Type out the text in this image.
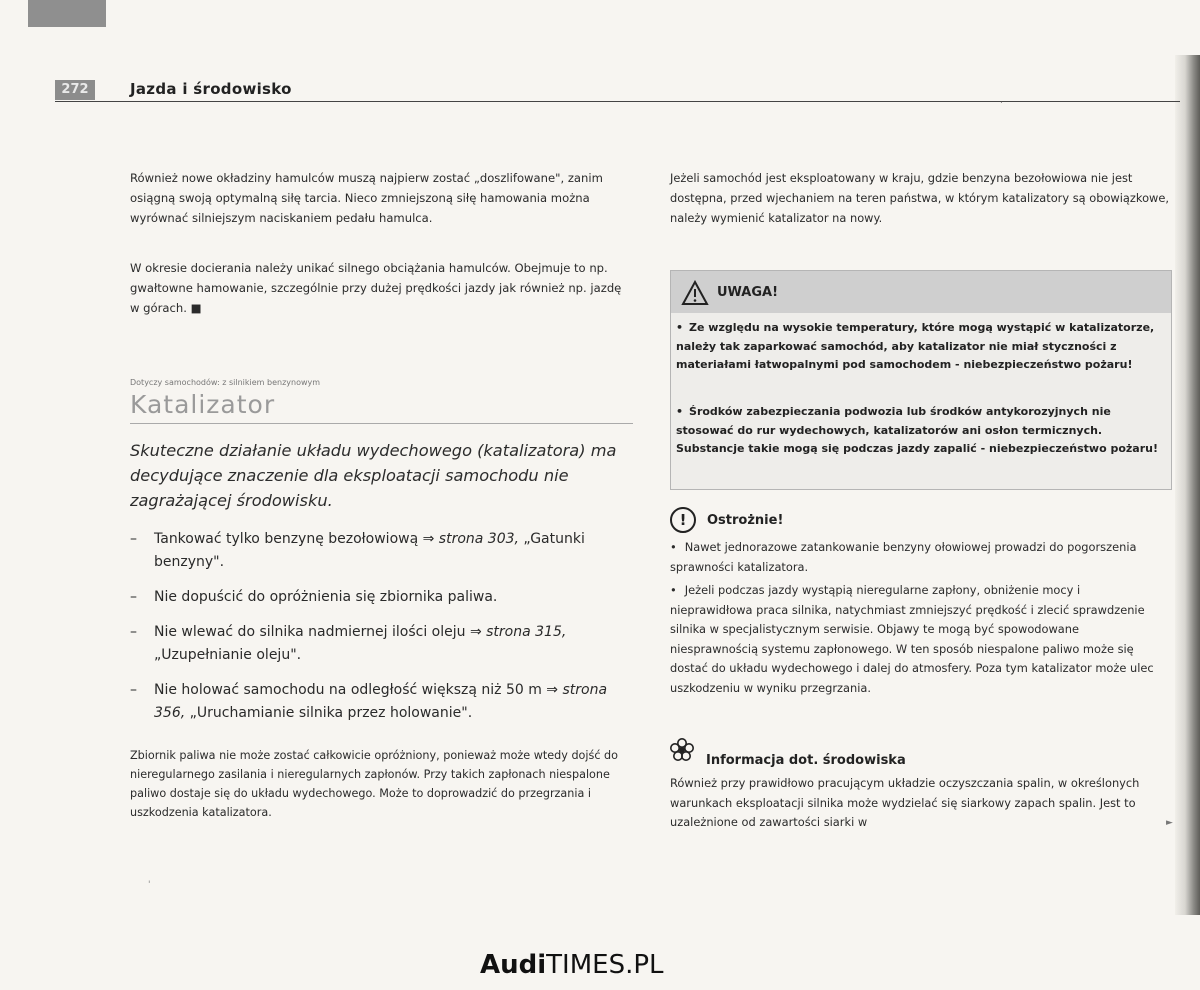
272	Jazda i środowisko
.
Również nowe okładziny hamulców muszą najpierw zostać „doszlifowane", zanim osiągną swoją optymalną siłę tarcia. Nieco zmniejszoną siłę hamowania można wyrównać silniejszym naciskaniem pedału hamulca.
W okresie docierania należy unikać silnego obciążania hamulców. Obejmuje to np. gwałtowne hamowanie, szczególnie przy dużej prędkości jazdy jak również np. jazdę w górach. ■
Dotyczy samochodów: z silnikiem benzynowym
Katalizator
Skuteczne działanie układu wydechowego (katalizatora) ma decydujące znaczenie dla eksploatacji samochodu nie zagrażającej środowisku.
– Tankować tylko benzynę bezołowiową ⇒ strona 303, „Gatunki benzyny".
– Nie dopuścić do opróżnienia się zbiornika paliwa.
– Nie wlewać do silnika nadmiernej ilości oleju ⇒ strona 315, „Uzupełnianie oleju".
– Nie holować samochodu na odległość większą niż 50 m ⇒ strona 356, „Uruchamianie silnika przez holowanie".
Zbiornik paliwa nie może zostać całkowicie opróżniony, ponieważ może wtedy dojść do nieregularnego zasilania i nieregularnych zapłonów. Przy takich zapłonach niespalone paliwo dostaje się do układu wydechowego. Może to doprowadzić do przegrzania i uszkodzenia katalizatora.
'
Jeżeli samochód jest eksploatowany w kraju, gdzie benzyna bezołowiowa nie jest dostępna, przed wjechaniem na teren państwa, w którym katalizatory są obowiązkowe, należy wymienić katalizator na nowy.
UWAGA!
• Ze względu na wysokie temperatury, które mogą wystąpić w katalizatorze, należy tak zaparkować samochód, aby katalizator nie miał styczności z materiałami łatwopalnymi pod samochodem - niebezpieczeństwo pożaru!
• Środków zabezpieczania podwozia lub środków antykorozyjnych nie stosować do rur wydechowych, katalizatorów ani osłon termicznych. Substancje takie mogą się podczas jazdy zapalić - niebezpieczeństwo pożaru!
!	Ostrożnie!
• Nawet jednorazowe zatankowanie benzyny ołowiowej prowadzi do pogorszenia sprawności katalizatora.
• Jeżeli podczas jazdy wystąpią nieregularne zapłony, obniżenie mocy i nieprawidłowa praca silnika, natychmiast zmniejszyć prędkość i zlecić sprawdzenie silnika w specjalistycznym serwisie. Objawy te mogą być spowodowane niesprawnością systemu zapłonowego. W ten sposób niespalone paliwo może się dostać do układu wydechowego i dalej do atmosfery. Poza tym katalizator może ulec uszkodzeniu w wyniku przegrzania.
Informacja dot. środowiska
Również przy prawidłowo pracującym układzie oczyszczania spalin, w określonych warunkach eksploatacji silnika może wydzielać się siarkowy zapach spalin. Jest to uzależnione od zawartości siarki w	►
AudiTIMES.PL
